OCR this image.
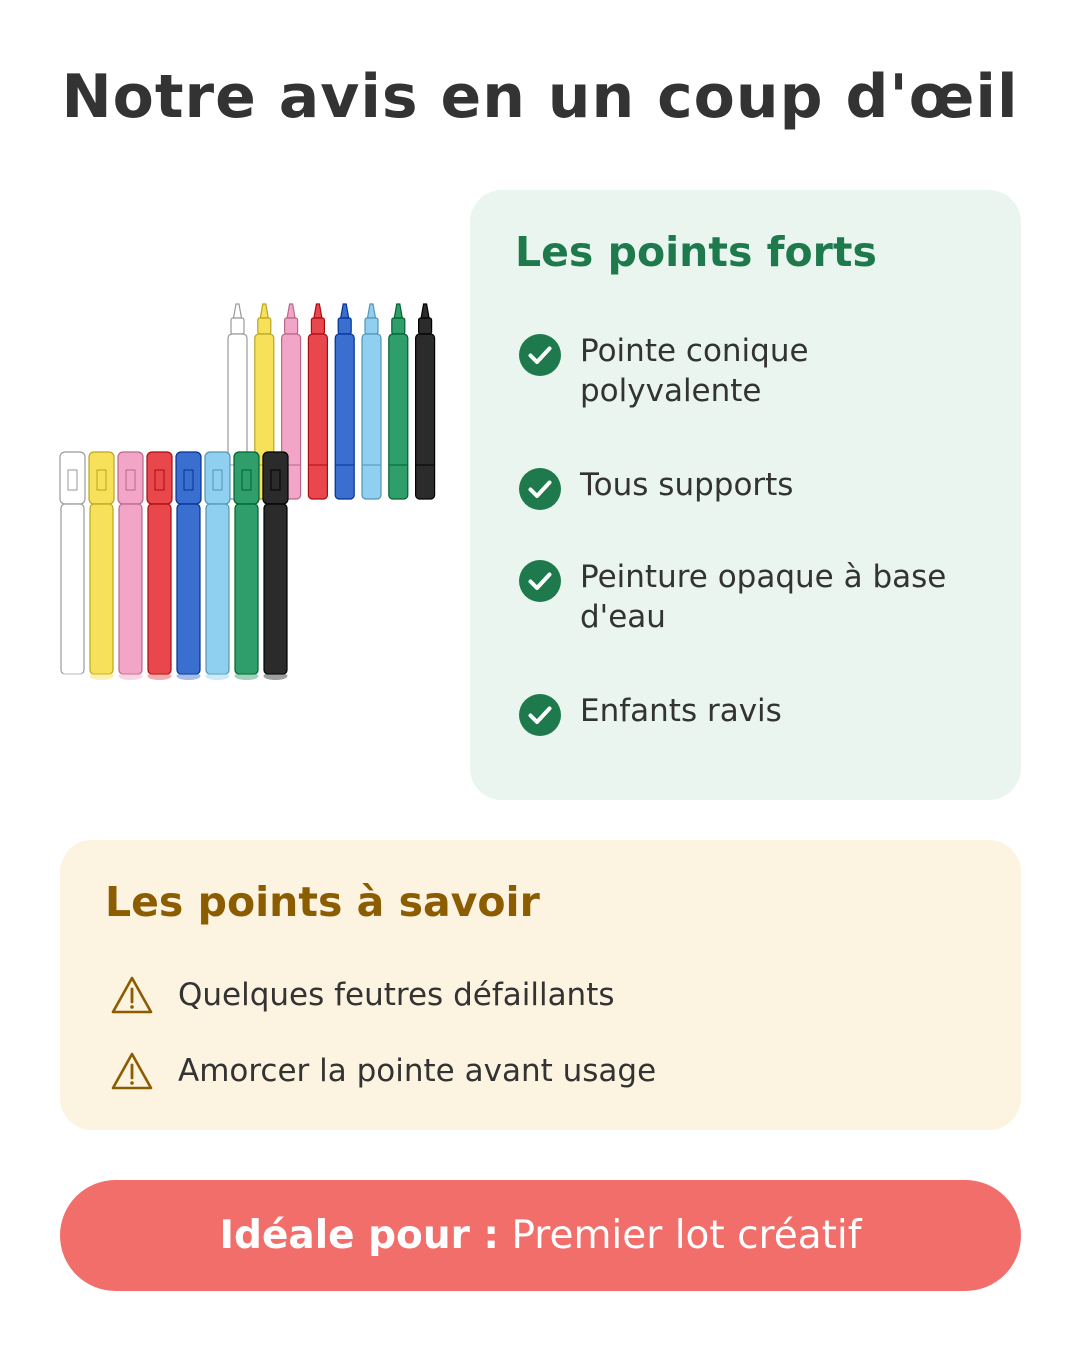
Notre avis en un coup d'œil
Les points forts
Pointe conique polyvalente
Tous supports
Peinture opaque à base d'eau
Enfants ravis
Les points à savoir
Quelques feutres défaillants
Amorcer la pointe avant usage
Idéale pour : Premier lot créatif
